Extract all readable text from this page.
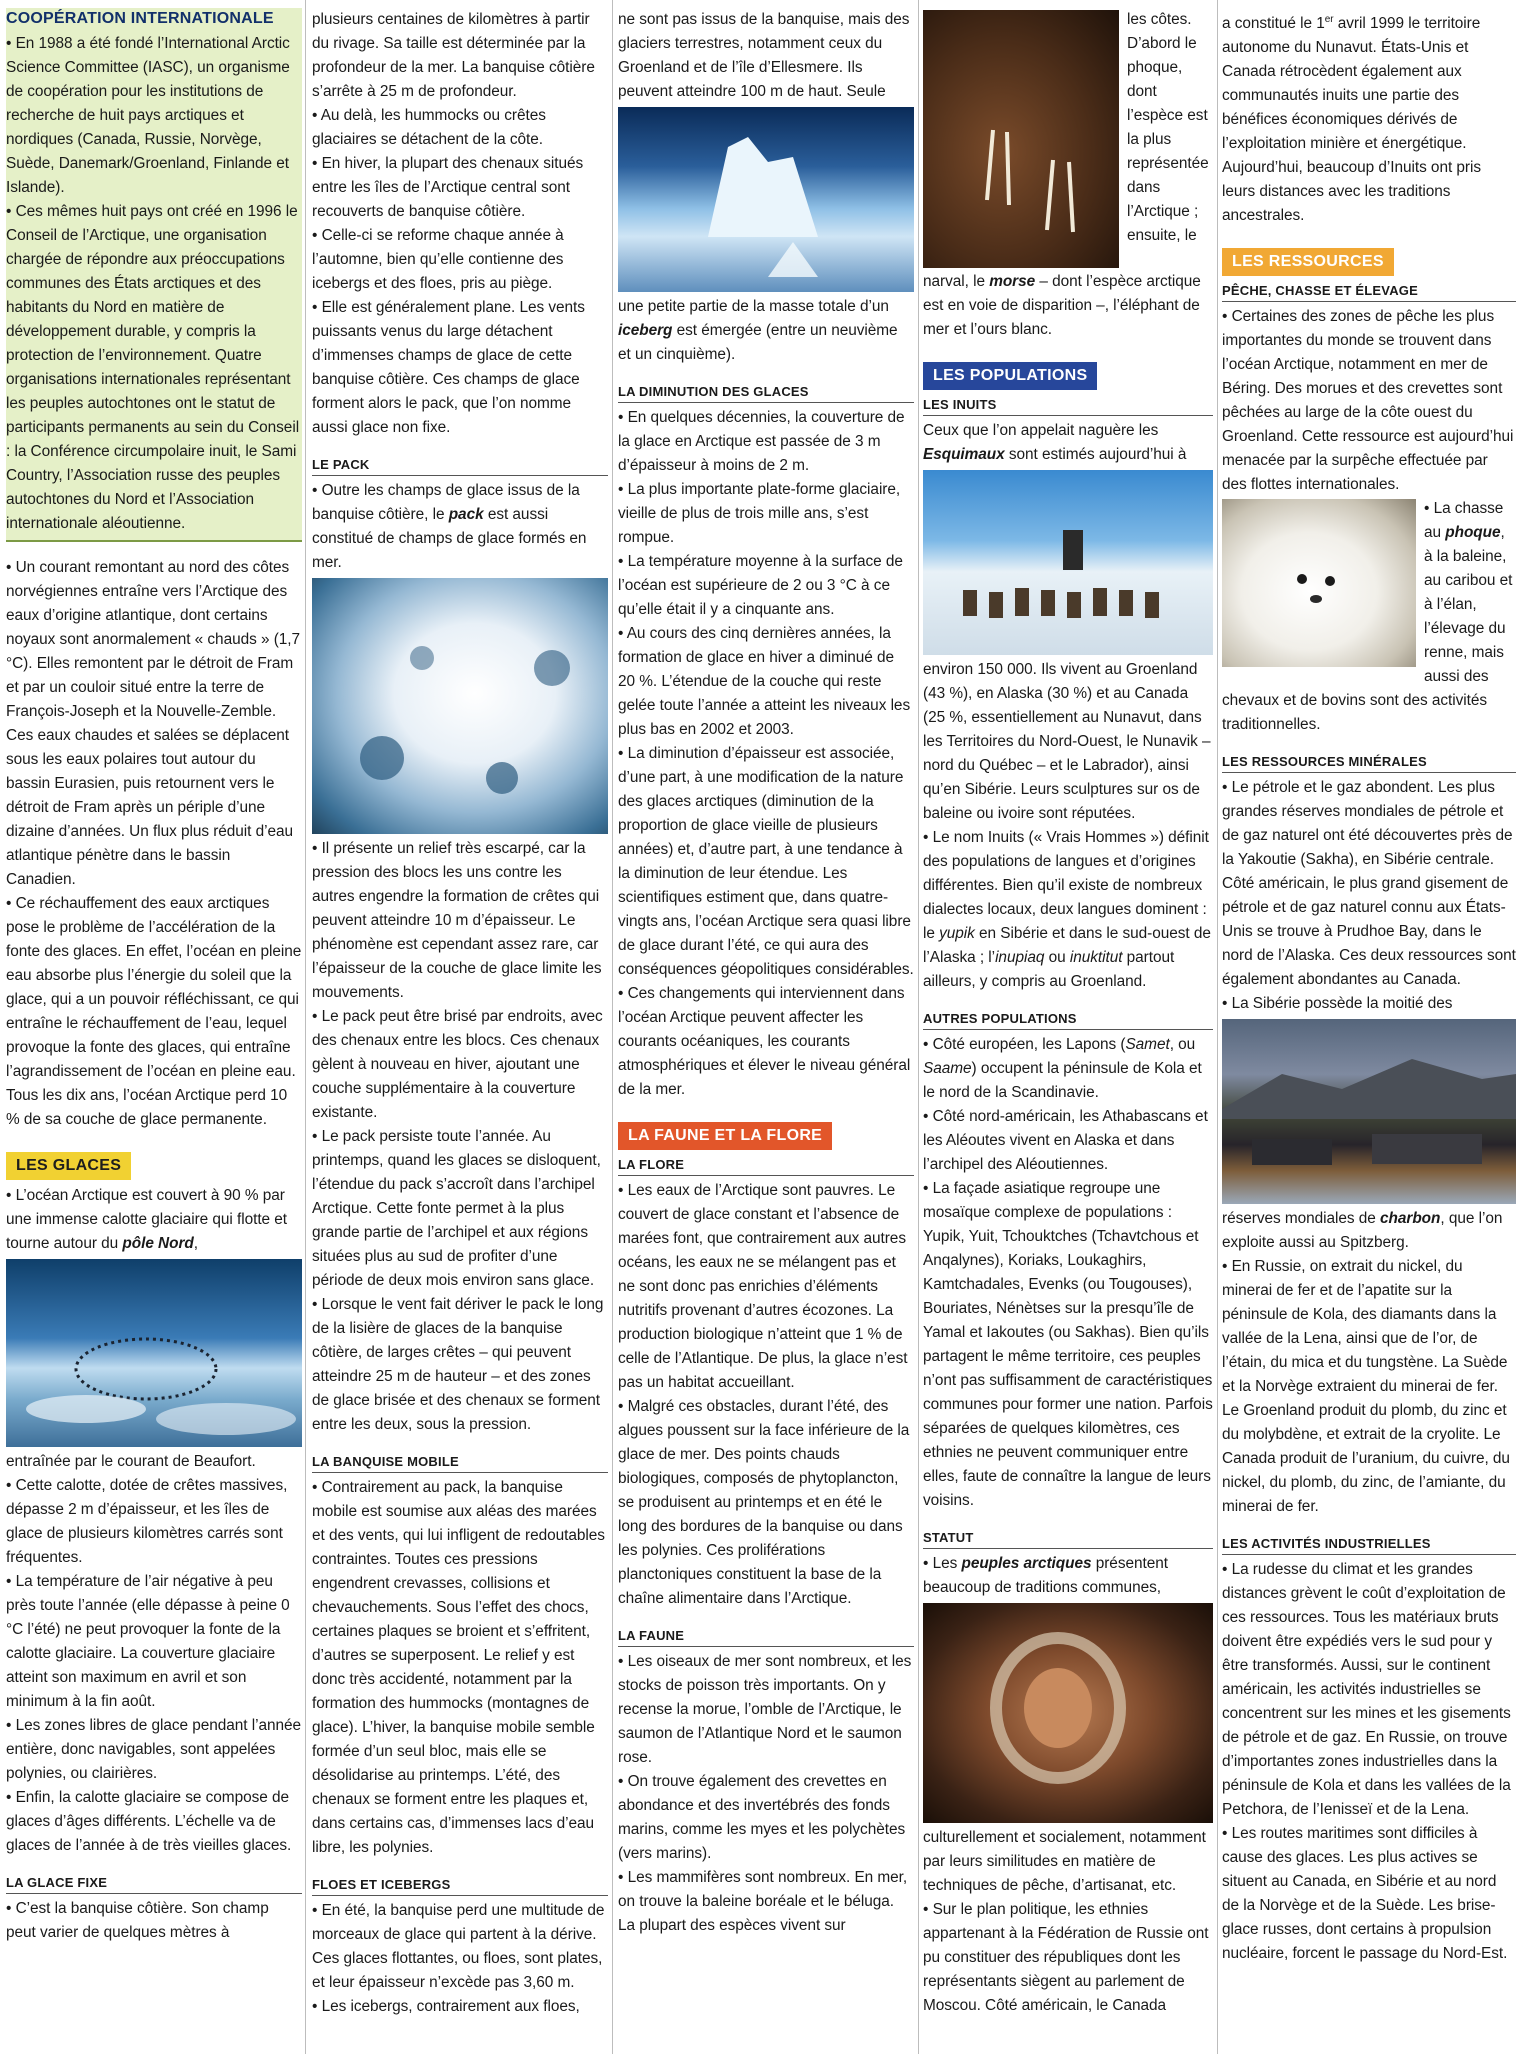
COOPÉRATION INTERNATIONALE

• En 1988 a été fondé l’International Arctic Science Committee (IASC), un organisme de coopération pour les institutions de recherche de huit pays arctiques et nordiques (Canada, Russie, Norvège, Suède, Danemark/Groenland, Finlande et Islande).

• Ces mêmes huit pays ont créé en 1996 le Conseil de l’Arctique, une organisation chargée de répondre aux préoccupations communes des États arctiques et des habitants du Nord en matière de développement durable, y compris la protection de l’environnement. Quatre organisations internationales représentant les peuples autochtones ont le statut de participants permanents au sein du Conseil : la Conférence circumpolaire inuit, le Sami Country, l’Association russe des peuples autochtones du Nord et l’Association internationale aléoutienne.

• Un courant remontant au nord des côtes norvégiennes entraîne vers l’Arctique des eaux d’origine atlantique, dont certains noyaux sont anormalement « chauds » (1,7 °C). Elles remontent par le détroit de Fram et par un couloir situé entre la terre de François-Joseph et la Nouvelle-Zemble. Ces eaux chaudes et salées se déplacent sous les eaux polaires tout autour du bassin Eurasien, puis retournent vers le détroit de Fram après un périple d’une dizaine d’années. Un flux plus réduit d’eau atlantique pénètre dans le bassin Canadien.

• Ce réchauffement des eaux arctiques pose le problème de l’accélération de la fonte des glaces. En effet, l’océan en pleine eau absorbe plus l’énergie du soleil que la glace, qui a un pouvoir réfléchissant, ce qui entraîne le réchauffement de l’eau, lequel provoque la fonte des glaces, qui entraîne l’agrandissement de l’océan en pleine eau. Tous les dix ans, l’océan Arctique perd 10 % de sa couche de glace permanente.

LES GLACES

• L’océan Arctique est couvert à 90 % par une immense calotte glaciaire qui flotte et tourne autour du pôle Nord,

entraînée par le courant de Beaufort.

• Cette calotte, dotée de crêtes massives, dépasse 2 m d’épaisseur, et les îles de glace de plusieurs kilomètres carrés sont fréquentes.

• La température de l’air négative à peu près toute l’année (elle dépasse à peine 0 °C l’été) ne peut provoquer la fonte de la calotte glaciaire. La couverture glaciaire atteint son maximum en avril et son minimum à la fin août.

• Les zones libres de glace pendant l’année entière, donc navigables, sont appelées polynies, ou clairières.

• Enfin, la calotte glaciaire se compose de glaces d’âges différents. L’échelle va de glaces de l’année à de très vieilles glaces.

LA GLACE FIXE

• C’est la banquise côtière. Son champ peut varier de quelques mètres à

plusieurs centaines de kilomètres à partir du rivage. Sa taille est déterminée par la profondeur de la mer. La banquise côtière s’arrête à 25 m de profondeur.

• Au delà, les hummocks ou crêtes glaciaires se détachent de la côte.

• En hiver, la plupart des chenaux situés entre les îles de l’Arctique central sont recouverts de banquise côtière.

• Celle-ci se reforme chaque année à l’automne, bien qu’elle contienne des icebergs et des floes, pris au piège.

• Elle est généralement plane. Les vents puissants venus du large détachent d’immenses champs de glace de cette banquise côtière. Ces champs de glace forment alors le pack, que l’on nomme aussi glace non fixe.

LE PACK

• Outre les champs de glace issus de la banquise côtière, le pack est aussi constitué de champs de glace formés en mer.

• Il présente un relief très escarpé, car la pression des blocs les uns contre les autres engendre la formation de crêtes qui peuvent atteindre 10 m d’épaisseur. Le phénomène est cependant assez rare, car l’épaisseur de la couche de glace limite les mouvements.

• Le pack peut être brisé par endroits, avec des chenaux entre les blocs. Ces chenaux gèlent à nouveau en hiver, ajoutant une couche supplémentaire à la couverture existante.

• Le pack persiste toute l’année. Au printemps, quand les glaces se disloquent, l’étendue du pack s’accroît dans l’archipel Arctique. Cette fonte permet à la plus grande partie de l’archipel et aux régions situées plus au sud de profiter d’une période de deux mois environ sans glace.

• Lorsque le vent fait dériver le pack le long de la lisière de glaces de la banquise côtière, de larges crêtes – qui peuvent atteindre 25 m de hauteur – et des zones de glace brisée et des chenaux se forment entre les deux, sous la pression.

LA BANQUISE MOBILE

• Contrairement au pack, la banquise mobile est soumise aux aléas des marées et des vents, qui lui infligent de redoutables contraintes. Toutes ces pressions engendrent crevasses, collisions et chevauchements. Sous l’effet des chocs, certaines plaques se broient et s’effritent, d’autres se superposent. Le relief y est donc très accidenté, notamment par la formation des hummocks (montagnes de glace). L’hiver, la banquise mobile semble formée d’un seul bloc, mais elle se désolidarise au printemps. L’été, des chenaux se forment entre les plaques et, dans certains cas, d’immenses lacs d’eau libre, les polynies.

FLOES ET ICEBERGS

• En été, la banquise perd une multitude de morceaux de glace qui partent à la dérive. Ces glaces flottantes, ou floes, sont plates, et leur épaisseur n’excède pas 3,60 m.

• Les icebergs, contrairement aux floes,

ne sont pas issus de la banquise, mais des glaciers terrestres, notamment ceux du Groenland et de l’île d’Ellesmere. Ils peuvent atteindre 100 m de haut. Seule

une petite partie de la masse totale d’un iceberg est émergée (entre un neuvième et un cinquième).

LA DIMINUTION DES GLACES

• En quelques décennies, la couverture de la glace en Arctique est passée de 3 m d’épaisseur à moins de 2 m.

• La plus importante plate-forme glaciaire, vieille de plus de trois mille ans, s’est rompue.

• La température moyenne à la surface de l’océan est supérieure de 2 ou 3 °C à ce qu’elle était il y a cinquante ans.

• Au cours des cinq dernières années, la formation de glace en hiver a diminué de 20 %. L’étendue de la couche qui reste gelée toute l’année a atteint les niveaux les plus bas en 2002 et 2003.

• La diminution d’épaisseur est associée, d’une part, à une modification de la nature des glaces arctiques (diminution de la proportion de glace vieille de plusieurs années) et, d’autre part, à une tendance à la diminution de leur étendue. Les scientifiques estiment que, dans quatre-vingts ans, l’océan Arctique sera quasi libre de glace durant l’été, ce qui aura des conséquences géopolitiques considérables.

• Ces changements qui interviennent dans l’océan Arctique peuvent affecter les courants océaniques, les courants atmosphériques et élever le niveau général de la mer.

LA FAUNE ET LA FLORE
LA FLORE

• Les eaux de l’Arctique sont pauvres. Le couvert de glace constant et l’absence de marées font, que contrairement aux autres océans, les eaux ne se mélangent pas et ne sont donc pas enrichies d’éléments nutritifs provenant d’autres écozones. La production biologique n’atteint que 1 % de celle de l’Atlantique. De plus, la glace n’est pas un habitat accueillant.

• Malgré ces obstacles, durant l’été, des algues poussent sur la face inférieure de la glace de mer. Des points chauds biologiques, composés de phytoplancton, se produisent au printemps et en été le long des bordures de la banquise ou dans les polynies. Ces proliférations planctoniques constituent la base de la chaîne alimentaire dans l’Arctique.

LA FAUNE

• Les oiseaux de mer sont nombreux, et les stocks de poisson très importants. On y recense la morue, l’omble de l’Arctique, le saumon de l’Atlantique Nord et le saumon rose.

• On trouve également des crevettes en abondance et des invertébrés des fonds marins, comme les myes et les polychètes (vers marins).

• Les mammifères sont nombreux. En mer, on trouve la baleine boréale et le béluga. La plupart des espèces vivent sur

les côtes. D’abord le phoque, dont l’espèce est la plus représentée dans l’Arctique ; ensuite, le

narval, le morse – dont l’espèce arctique est en voie de disparition –, l’éléphant de mer et l’ours blanc.

LES POPULATIONS
LES INUITS

Ceux que l’on appelait naguère les Esquimaux sont estimés aujourd’hui à

environ 150 000. Ils vivent au Groenland (43 %), en Alaska (30 %) et au Canada (25 %, essentiellement au Nunavut, dans les Territoires du Nord-Ouest, le Nunavik – nord du Québec – et le Labrador), ainsi qu’en Sibérie. Leurs sculptures sur os de baleine ou ivoire sont réputées.

• Le nom Inuits (« Vrais Hommes ») définit des populations de langues et d’origines différentes. Bien qu’il existe de nombreux dialectes locaux, deux langues dominent : le yupik en Sibérie et dans le sud-ouest de l’Alaska ; l’inupiaq ou inuktitut partout ailleurs, y compris au Groenland.

AUTRES POPULATIONS

• Côté européen, les Lapons (Samet, ou Saame) occupent la péninsule de Kola et le nord de la Scandinavie.

• Côté nord-américain, les Athabascans et les Aléoutes vivent en Alaska et dans l’archipel des Aléoutiennes.

• La façade asiatique regroupe une mosaïque complexe de populations : Yupik, Yuit, Tchouktches (Tchavtchous et Anqalynes), Koriaks, Loukaghirs, Kamtchadales, Evenks (ou Tougouses), Bouriates, Nénètses sur la presqu’île de Yamal et Iakoutes (ou Sakhas). Bien qu’ils partagent le même territoire, ces peuples n’ont pas suffisamment de caractéristiques communes pour former une nation. Parfois séparées de quelques kilomètres, ces ethnies ne peuvent communiquer entre elles, faute de connaître la langue de leurs voisins.

STATUT

• Les peuples arctiques présentent beaucoup de traditions communes,

culturellement et socialement, notamment par leurs similitudes en matière de techniques de pêche, d’artisanat, etc.

• Sur le plan politique, les ethnies appartenant à la Fédération de Russie ont pu constituer des républiques dont les représentants siègent au parlement de Moscou. Côté américain, le Canada

a constitué le 1er avril 1999 le territoire autonome du Nunavut. États-Unis et Canada rétrocèdent également aux communautés inuits une partie des bénéfices économiques dérivés de l’exploitation minière et énergétique. Aujourd’hui, beaucoup d’Inuits ont pris leurs distances avec les traditions ancestrales.

LES RESSOURCES
PÊCHE, CHASSE ET ÉLEVAGE

• Certaines des zones de pêche les plus importantes du monde se trouvent dans l’océan Arctique, notamment en mer de Béring. Des morues et des crevettes sont pêchées au large de la côte ouest du Groenland. Cette ressource est aujourd’hui menacée par la surpêche effectuée par des flottes internationales.

• La chasse au phoque, à la baleine, au caribou et à l’élan, l’élevage du renne, mais aussi des chevaux et de bovins sont des activités traditionnelles.

LES RESSOURCES MINÉRALES

• Le pétrole et le gaz abondent. Les plus grandes réserves mondiales de pétrole et de gaz naturel ont été découvertes près de la Yakoutie (Sakha), en Sibérie centrale. Côté américain, le plus grand gisement de pétrole et de gaz naturel connu aux États-Unis se trouve à Prudhoe Bay, dans le nord de l’Alaska. Ces deux ressources sont également abondantes au Canada.

• La Sibérie possède la moitié des

réserves mondiales de charbon, que l’on exploite aussi au Spitzberg.

• En Russie, on extrait du nickel, du minerai de fer et de l’apatite sur la péninsule de Kola, des diamants dans la vallée de la Lena, ainsi que de l’or, de l’étain, du mica et du tungstène. La Suède et la Norvège extraient du minerai de fer. Le Groenland produit du plomb, du zinc et du molybdène, et extrait de la cryolite. Le Canada produit de l’uranium, du cuivre, du nickel, du plomb, du zinc, de l’amiante, du minerai de fer.

LES ACTIVITÉS INDUSTRIELLES

• La rudesse du climat et les grandes distances grèvent le coût d’exploitation de ces ressources. Tous les matériaux bruts doivent être expédiés vers le sud pour y être transformés. Aussi, sur le continent américain, les activités industrielles se concentrent sur les mines et les gisements de pétrole et de gaz. En Russie, on trouve d’importantes zones industrielles dans la péninsule de Kola et dans les vallées de la Petchora, de l’Ienisseï et de la Lena.

• Les routes maritimes sont difficiles à cause des glaces. Les plus actives se situent au Canada, en Sibérie et au nord de la Norvège et de la Suède. Les brise-glace russes, dont certains à propulsion nucléaire, forcent le passage du Nord-Est.
